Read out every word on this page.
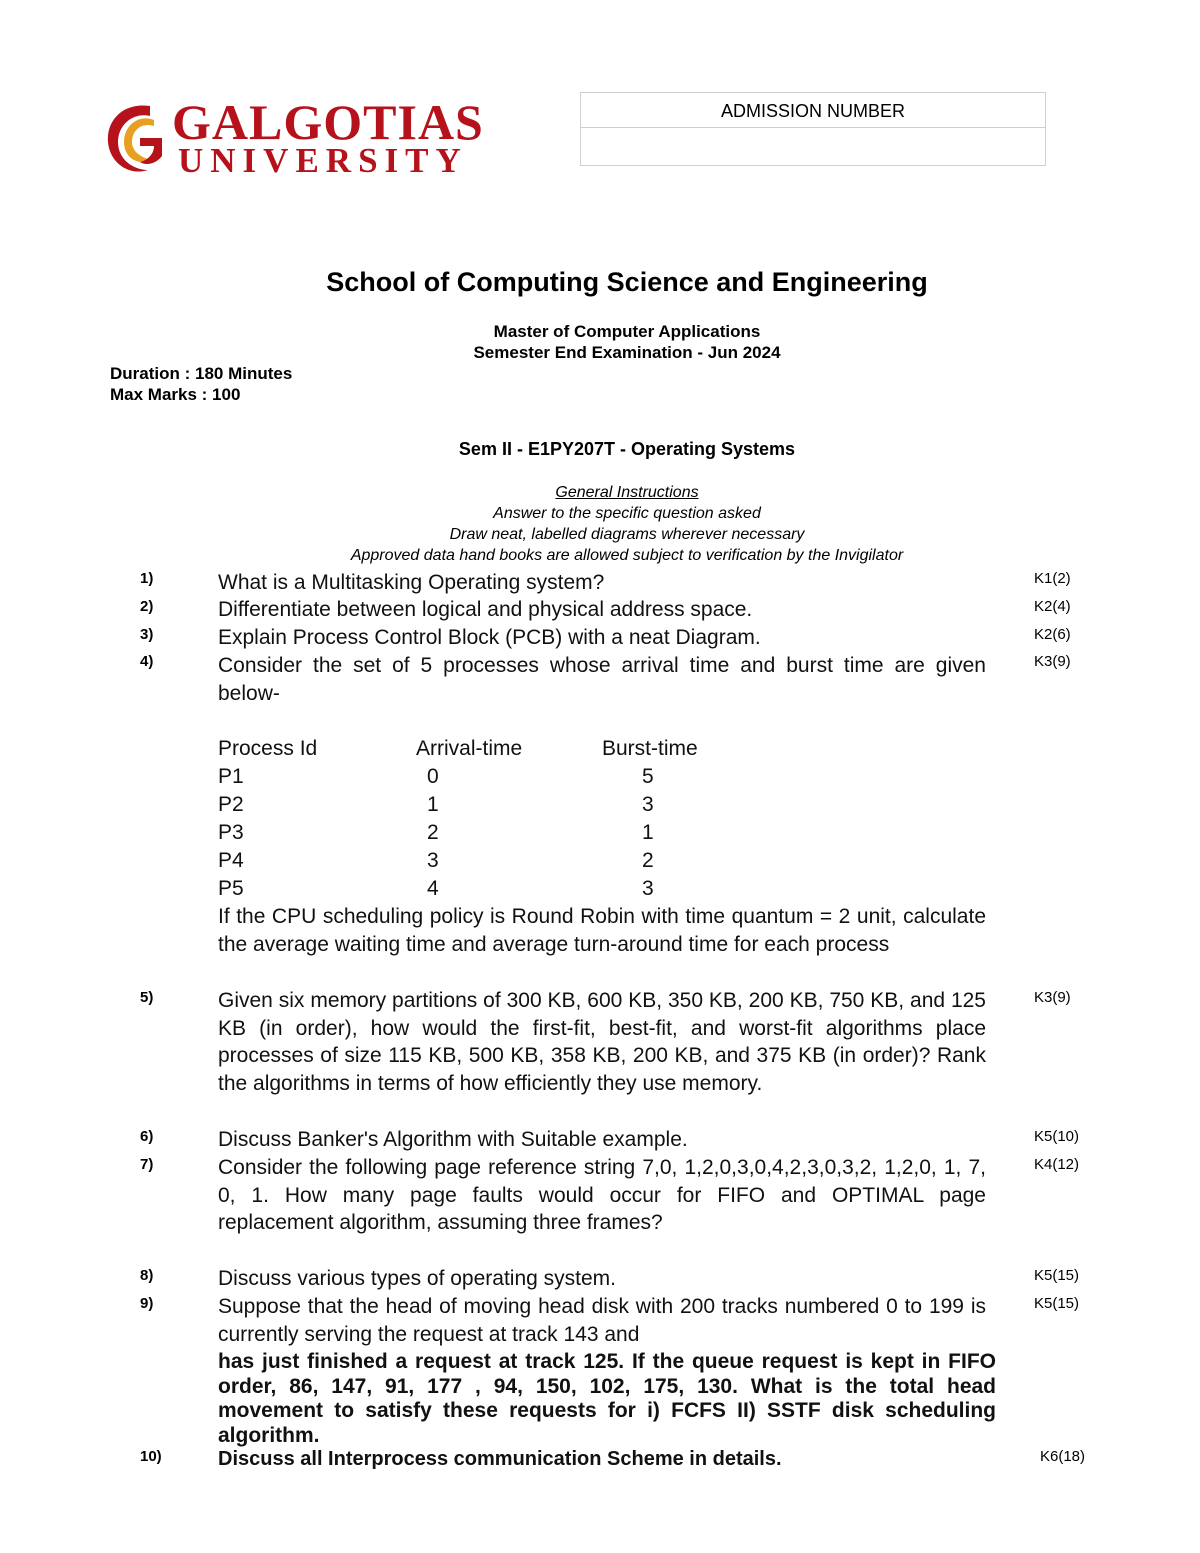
GALGOTIAS
UNIVERSITY
ADMISSION NUMBER
School of Computing Science and Engineering
Master of Computer Applications
Semester End Examination - Jun 2024
Duration : 180 Minutes
Max Marks : 100
Sem II - E1PY207T - Operating Systems
General Instructions
Answer to the specific question asked
Draw neat, labelled diagrams wherever necessary
Approved data hand books are allowed subject to verification by the Invigilator
1)	What is a Multitasking Operating system?	K1(2)
2)	Differentiate between logical and physical address space.	K2(4)
3)	Explain Process Control Block (PCB) with a neat Diagram.	K2(6)
4)	Consider the set of 5 processes whose arrival time and burst time are given below-
K3(9)
Process Id	Arrival-time	Burst-time
P1	0	5
P2	1	3
P3	2	1
P4	3	2
P5	4	3
If the CPU scheduling policy is Round Robin with time quantum = 2 unit, calculate the average waiting time and average turn-around time for each process
5)	Given six memory partitions of 300 KB, 600 KB, 350 KB, 200 KB, 750 KB, and 125 KB (in order), how would the first-fit, best-fit, and worst-fit algorithms place processes of size 115 KB, 500 KB, 358 KB, 200 KB, and 375 KB (in order)? Rank the algorithms in terms of how efficiently they use memory.
K3(9)
6)	Discuss Banker's Algorithm with Suitable example.	K5(10)
7)	Consider the following page reference string 7,0, 1,2,0,3,0,4,2,3,0,3,2, 1,2,0, 1, 7, 0, 1. How many page faults would occur for FIFO and OPTIMAL page replacement algorithm, assuming three frames?
K4(12)
8)	Discuss various types of operating system.	K5(15)
9)	Suppose that the head of moving head disk with 200 tracks numbered 0 to 199 is currently serving the request at track 143 and
has just finished a request at track 125. If the queue request is kept in FIFO order, 86, 147, 91, 177 , 94, 150, 102, 175, 130. What is the total head movement to satisfy these requests for i) FCFS II) SSTF disk scheduling algorithm.
K5(15)
10)	Discuss all Interprocess communication Scheme in details.	K6(18)
